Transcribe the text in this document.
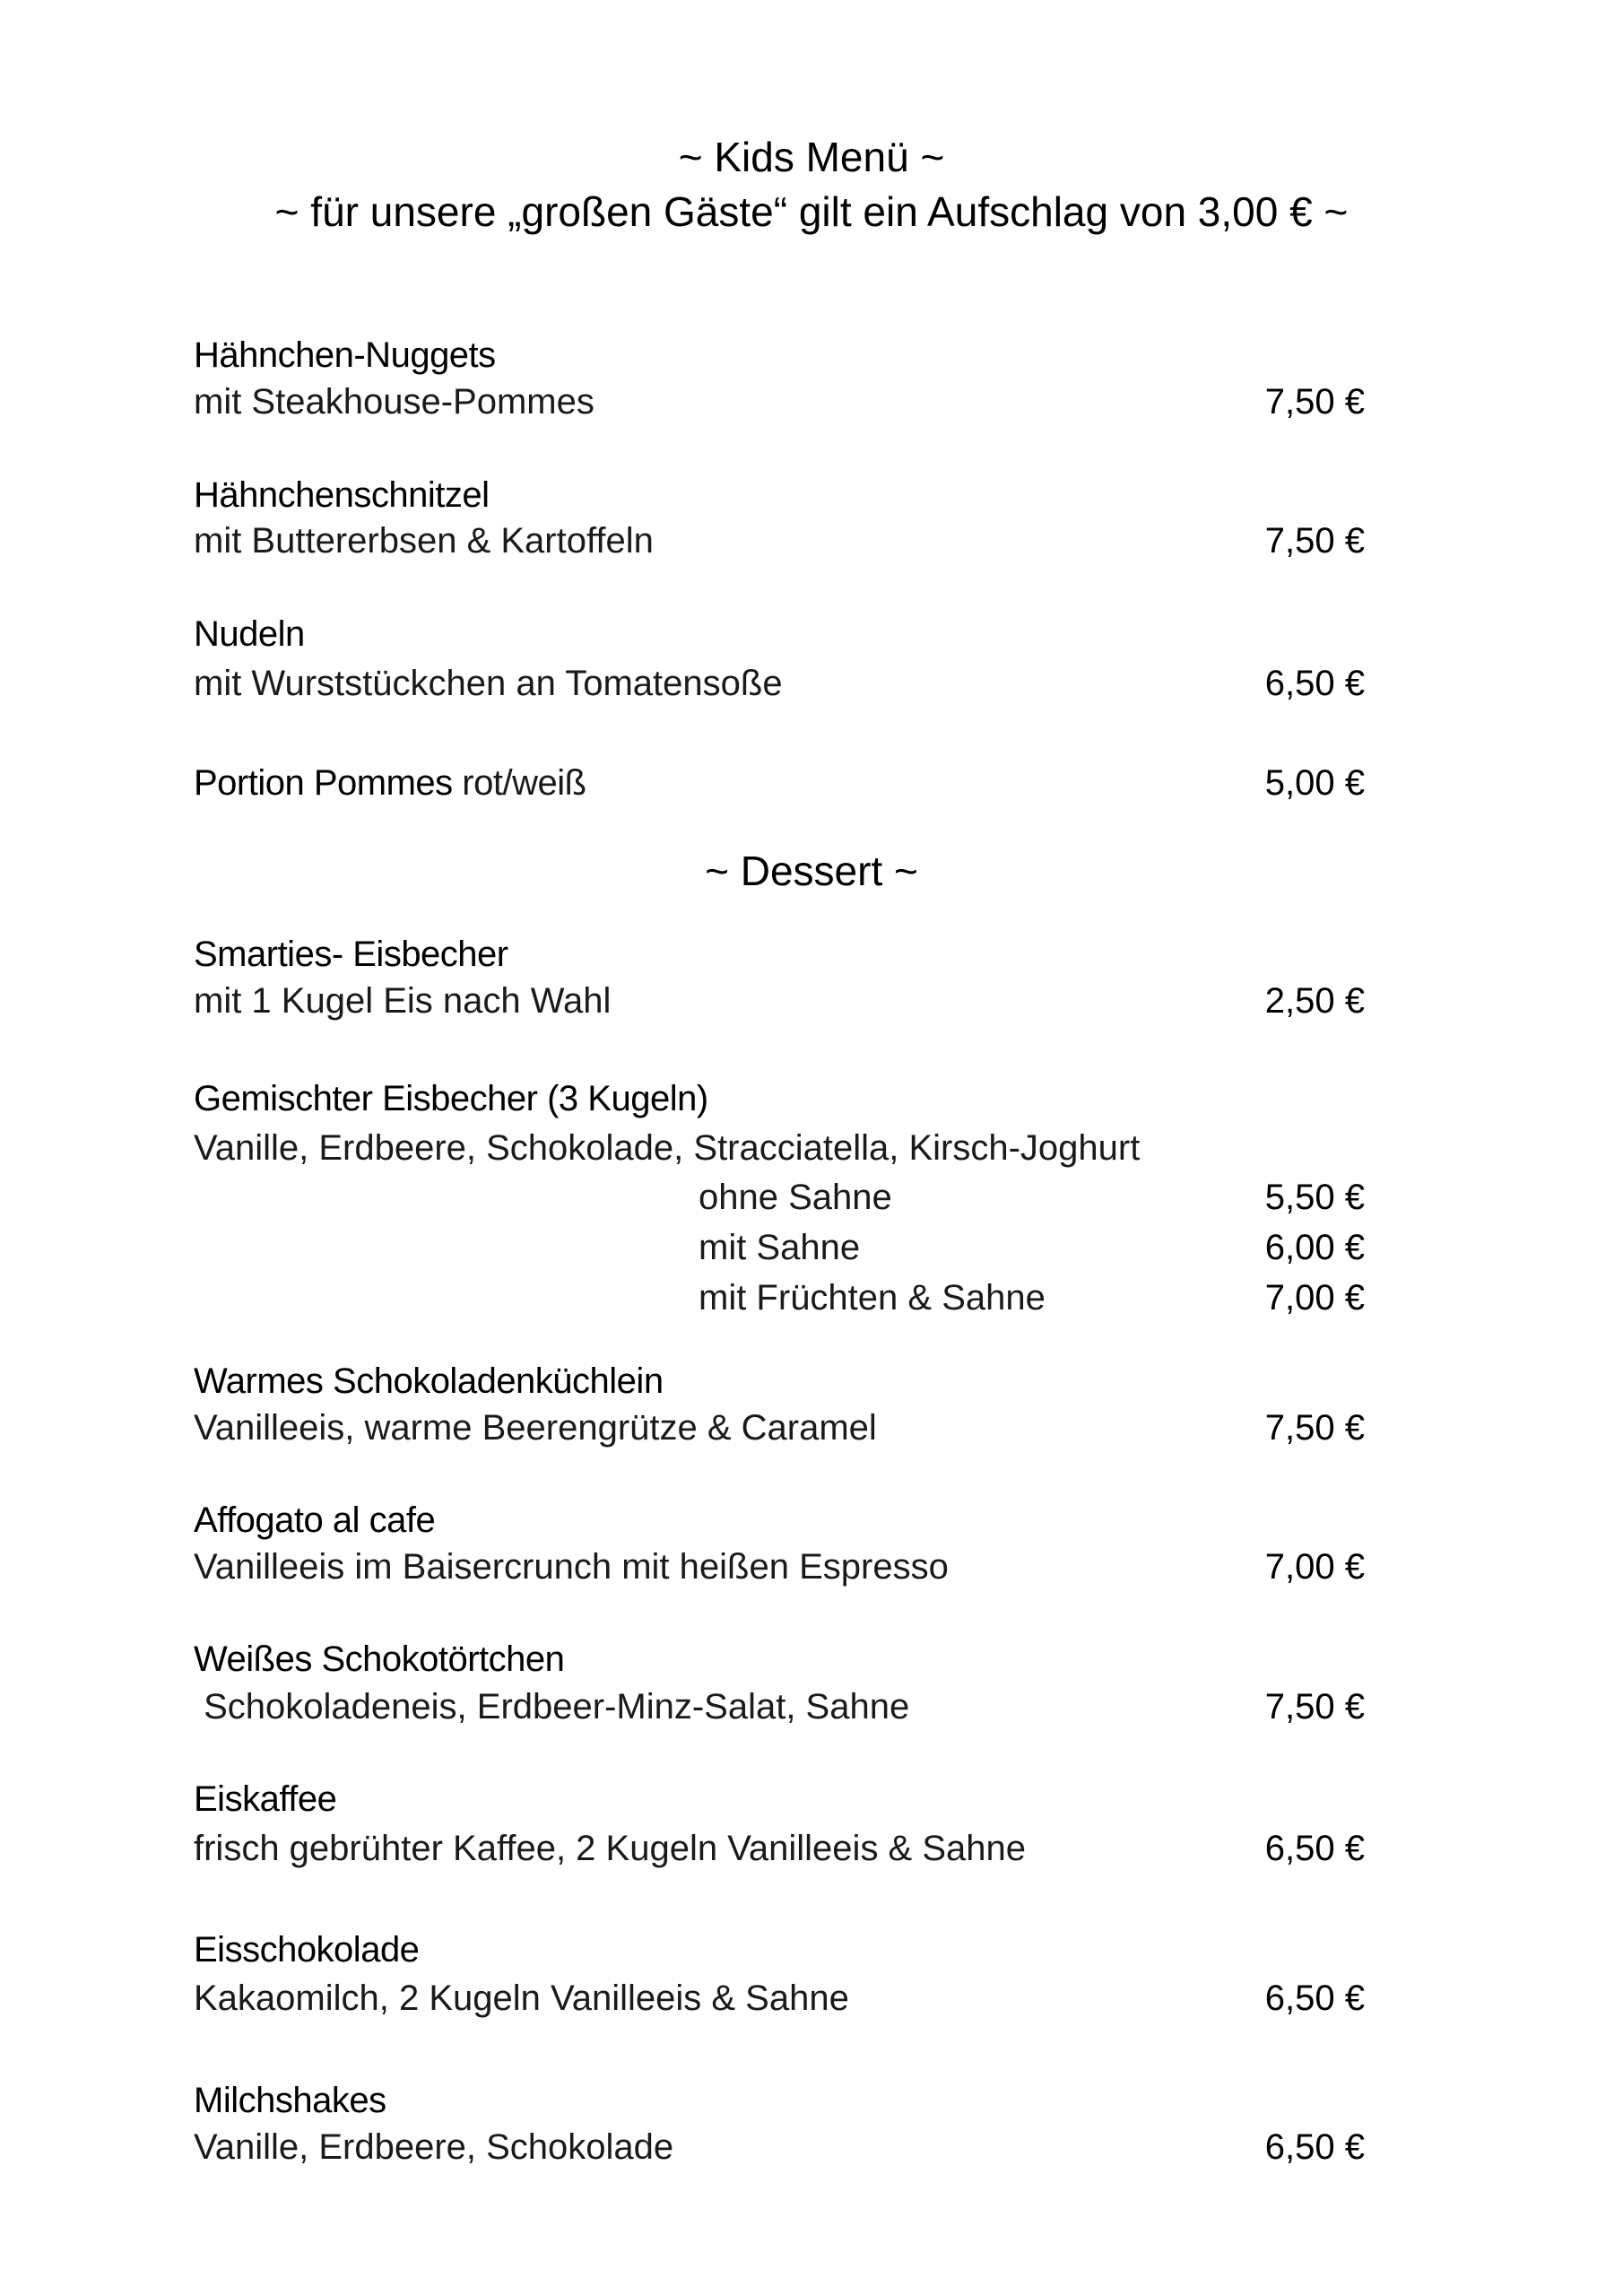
~ Kids Menü ~
~ für unsere „großen Gäste“ gilt ein Aufschlag von 3,00 € ~
Hähnchen-Nuggets
mit Steakhouse-Pommes	7,50 €
Hähnchenschnitzel
mit Buttererbsen & Kartoffeln	7,50 €
Nudeln
mit Wurststückchen an Tomatensoße	6,50 €
Portion Pommes rot/weiß	5,00 €
~ Dessert ~
Smarties- Eisbecher
mit 1 Kugel Eis nach Wahl	2,50 €
Gemischter Eisbecher (3 Kugeln)
Vanille, Erdbeere, Schokolade, Stracciatella, Kirsch-Joghurt
ohne Sahne	5,50 €
mit Sahne	6,00 €
mit Früchten & Sahne	7,00 €
Warmes Schokoladenküchlein
Vanilleeis, warme Beerengrütze & Caramel	7,50 €
Affogato al cafe
Vanilleeis im Baisercrunch mit heißen Espresso	7,00 €
Weißes Schokotörtchen
Schokoladeneis, Erdbeer-Minz-Salat, Sahne	7,50 €
Eiskaffee
frisch gebrühter Kaffee, 2 Kugeln Vanilleeis & Sahne	6,50 €
Eisschokolade
Kakaomilch, 2 Kugeln Vanilleeis & Sahne	6,50 €
Milchshakes
Vanille, Erdbeere, Schokolade	6,50 €
